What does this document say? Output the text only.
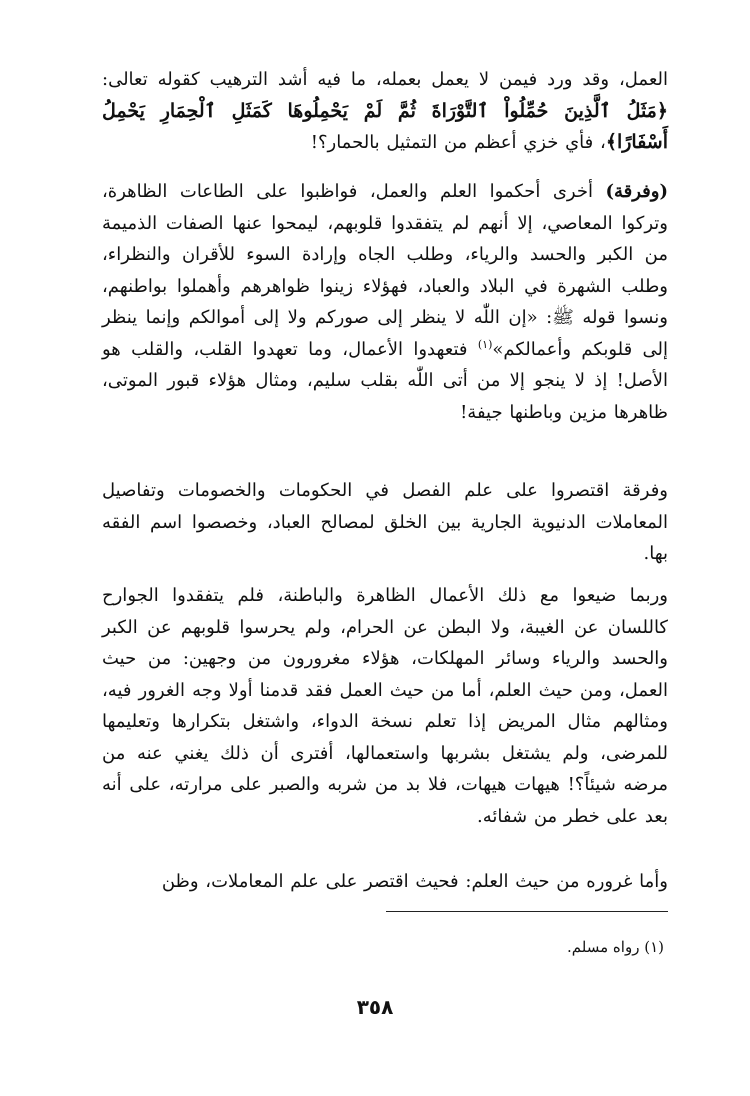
العمل، وقد ورد فيمن لا يعمل بعمله، ما فيه أشد الترهيب كقوله تعالى: ﴿مَثَلُ ٱلَّذِينَ حُمِّلُواْ ٱلتَّوْرَاةَ ثُمَّ لَمْ يَحْمِلُوهَا كَمَثَلِ ٱلْحِمَارِ يَحْمِلُ أَسْفَارًا﴾، فأي خزي أعظم من التمثيل بالحمار؟!

(وفرقة) أخرى أحكموا العلم والعمل، فواظبوا على الطاعات الظاهرة، وتركوا المعاصي، إلا أنهم لم يتفقدوا قلوبهم، ليمحوا عنها الصفات الذميمة من الكبر والحسد والرياء، وطلب الجاه وإرادة السوء للأقران والنظراء، وطلب الشهرة في البلاد والعباد، فهؤلاء زينوا ظواهرهم وأهملوا بواطنهم، ونسوا قوله ﷺ: «إن اللّٰه لا ينظر إلى صوركم ولا إلى أموالكم وإنما ينظر إلى قلوبكم وأعمالكم»$^{(١)}$ فتعهدوا الأعمال، وما تعهدوا القلب، والقلب هو الأصل! إذ لا ينجو إلا من أتى اللّٰه بقلب سليم، ومثال هؤلاء قبور الموتى، ظاهرها مزين وباطنها جيفة!

وفرقة اقتصروا على علم الفصل في الحكومات والخصومات وتفاصيل المعاملات الدنيوية الجارية بين الخلق لمصالح العباد، وخصصوا اسم الفقه بها.

وربما ضيعوا مع ذلك الأعمال الظاهرة والباطنة، فلم يتفقدوا الجوارح كاللسان عن الغيبة، ولا البطن عن الحرام، ولم يحرسوا قلوبهم عن الكبر والحسد والرياء وسائر المهلكات، هؤلاء مغرورون من وجهين: من حيث العمل، ومن حيث العلم، أما من حيث العمل فقد قدمنا أولا وجه الغرور فيه، ومثالهم مثال المريض إذا تعلم نسخة الدواء، واشتغل بتكرارها وتعليمها للمرضى، ولم يشتغل بشربها واستعمالها، أفترى أن ذلك يغني عنه من مرضه شيئاً؟! هيهات هيهات، فلا بد من شربه والصبر على مرارته، على أنه بعد على خطر من شفائه.

وأما غروره من حيث العلم: فحيث اقتصر على علم المعاملات، وظن

(١) رواه مسلم.
٣٥٨
